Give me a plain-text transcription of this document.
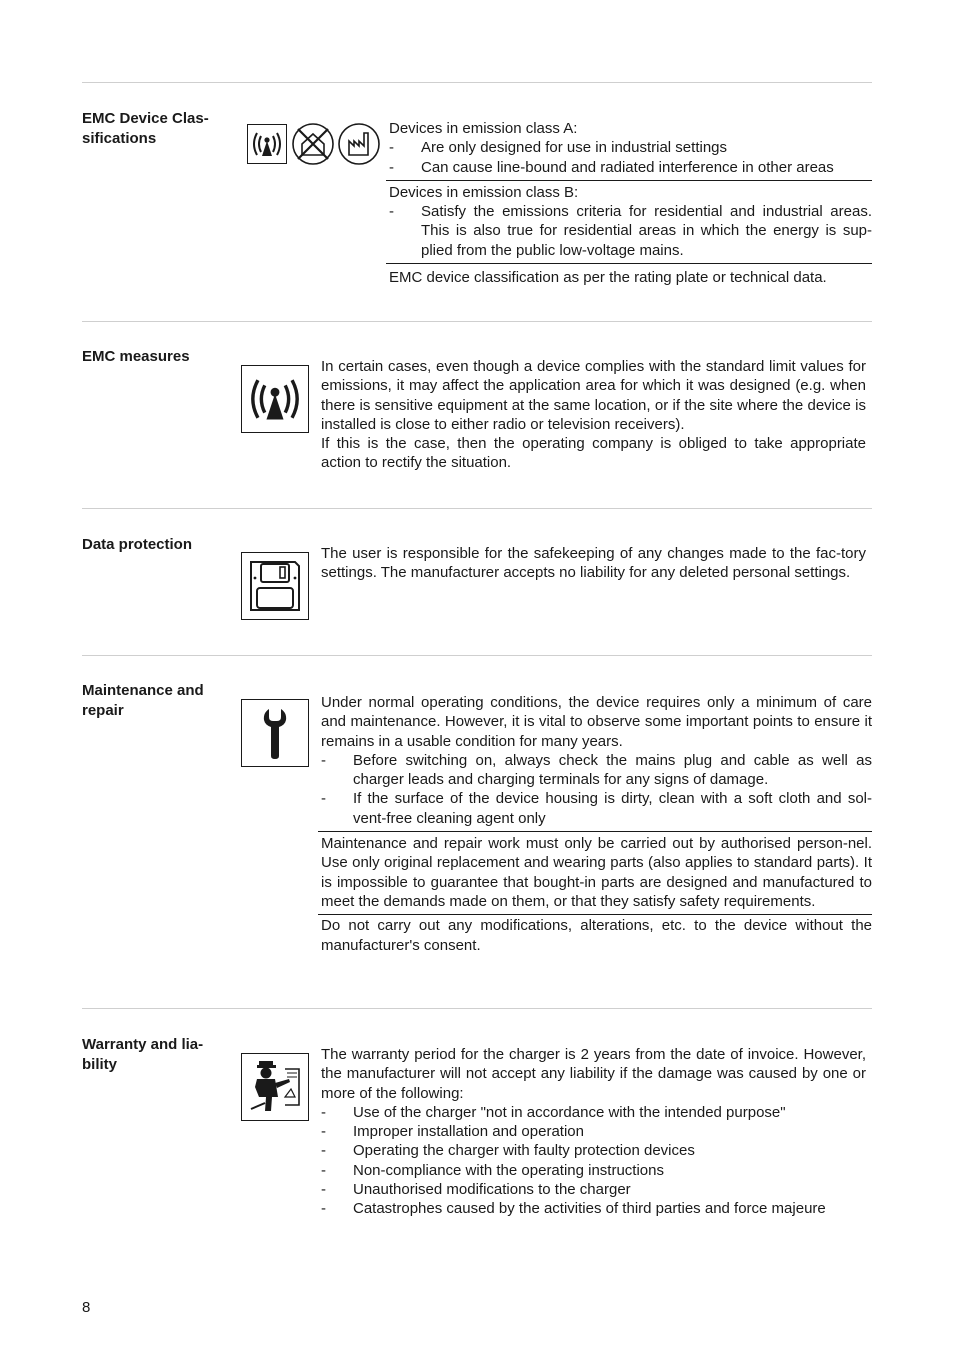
EMC Device Clas-sifications
Devices in emission class A:
-	Are only designed for use in industrial settings
-	Can cause line-bound and radiated interference in other areas
Devices in emission class B:
-	Satisfy the emissions criteria for residential and industrial areas. This is also true for residential areas in which the energy is sup-plied from the public low-voltage mains.
EMC device classification as per the rating plate or technical data.
EMC measures
In certain cases, even though a device complies with the standard limit values for emissions, it may affect the application area for which it was designed (e.g. when there is sensitive equipment at the same location, or if the site where the device is installed is close to either radio or television receivers).
If this is the case, then the operating company is obliged to take appropriate action to rectify the situation.
Data protection
The user is responsible for the safekeeping of any changes made to the fac-tory settings. The manufacturer accepts no liability for any deleted personal settings.
Maintenance and repair	Under normal operating conditions, the device requires only a minimum of care and maintenance. However, it is vital to observe some important points to ensure it remains in a usable condition for many years.
-	Before switching on, always check the mains plug and cable as well as charger leads and charging terminals for any signs of damage.
-	If the surface of the device housing is dirty, clean with a soft cloth and sol-vent-free cleaning agent only
Maintenance and repair work must only be carried out by authorised person-nel. Use only original replacement and wearing parts (also applies to standard parts). It is impossible to guarantee that bought-in parts are designed and manufactured to meet the demands made on them, or that they satisfy safety requirements.
Do not carry out any modifications, alterations, etc. to the device without the manufacturer's consent.
Warranty and lia-bility
The warranty period for the charger is 2 years from the date of invoice. However, the manufacturer will not accept any liability if the damage was caused by one or more of the following:
-	Use of the charger "not in accordance with the intended purpose"
-	Improper installation and operation
-	Operating the charger with faulty protection devices
-	Non-compliance with the operating instructions
-	Unauthorised modifications to the charger
-	Catastrophes caused by the activities of third parties and force majeure
8
